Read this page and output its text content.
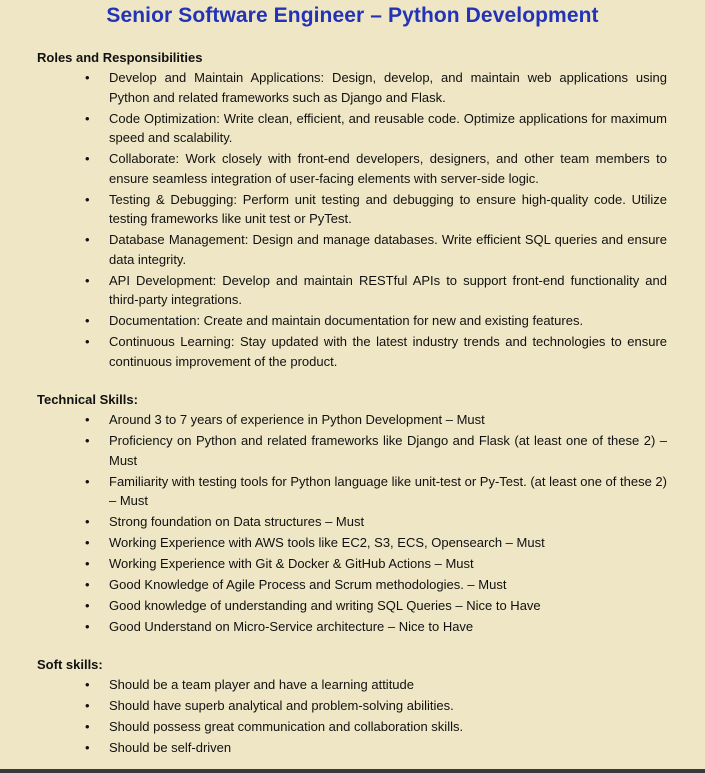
Senior Software Engineer – Python Development
Roles and Responsibilities
•	Develop and Maintain Applications: Design, develop, and maintain web applications using Python and related frameworks such as Django and Flask.
•	Code Optimization: Write clean, efficient, and reusable code. Optimize applications for maximum speed and scalability.
•	Collaborate: Work closely with front-end developers, designers, and other team members to ensure seamless integration of user-facing elements with server-side logic.
•	Testing & Debugging: Perform unit testing and debugging to ensure high-quality code. Utilize testing frameworks like unit test or PyTest.
•	Database Management: Design and manage databases. Write efficient SQL queries and ensure data integrity.
•	API Development: Develop and maintain RESTful APIs to support front-end functionality and third-party integrations.
•	Documentation: Create and maintain documentation for new and existing features.
•	Continuous Learning: Stay updated with the latest industry trends and technologies to ensure continuous improvement of the product.
Technical Skills:
•	Around 3 to 7 years of experience in Python Development – Must
•	Proficiency on Python and related frameworks like Django and Flask (at least one of these 2) – Must
•	Familiarity with testing tools for Python language like unit-test or Py-Test. (at least one of these 2) – Must
•	Strong foundation on Data structures – Must
•	Working Experience with AWS tools like EC2, S3, ECS, Opensearch – Must
•	Working Experience with Git & Docker & GitHub Actions – Must
•	Good Knowledge of Agile Process and Scrum methodologies. – Must
•	Good knowledge of understanding and writing SQL Queries – Nice to Have
•	Good Understand on Micro-Service architecture – Nice to Have
Soft skills:
•	Should be a team player and have a learning attitude
•	Should have superb analytical and problem-solving abilities.
•	Should possess great communication and collaboration skills.
•	Should be self-driven
